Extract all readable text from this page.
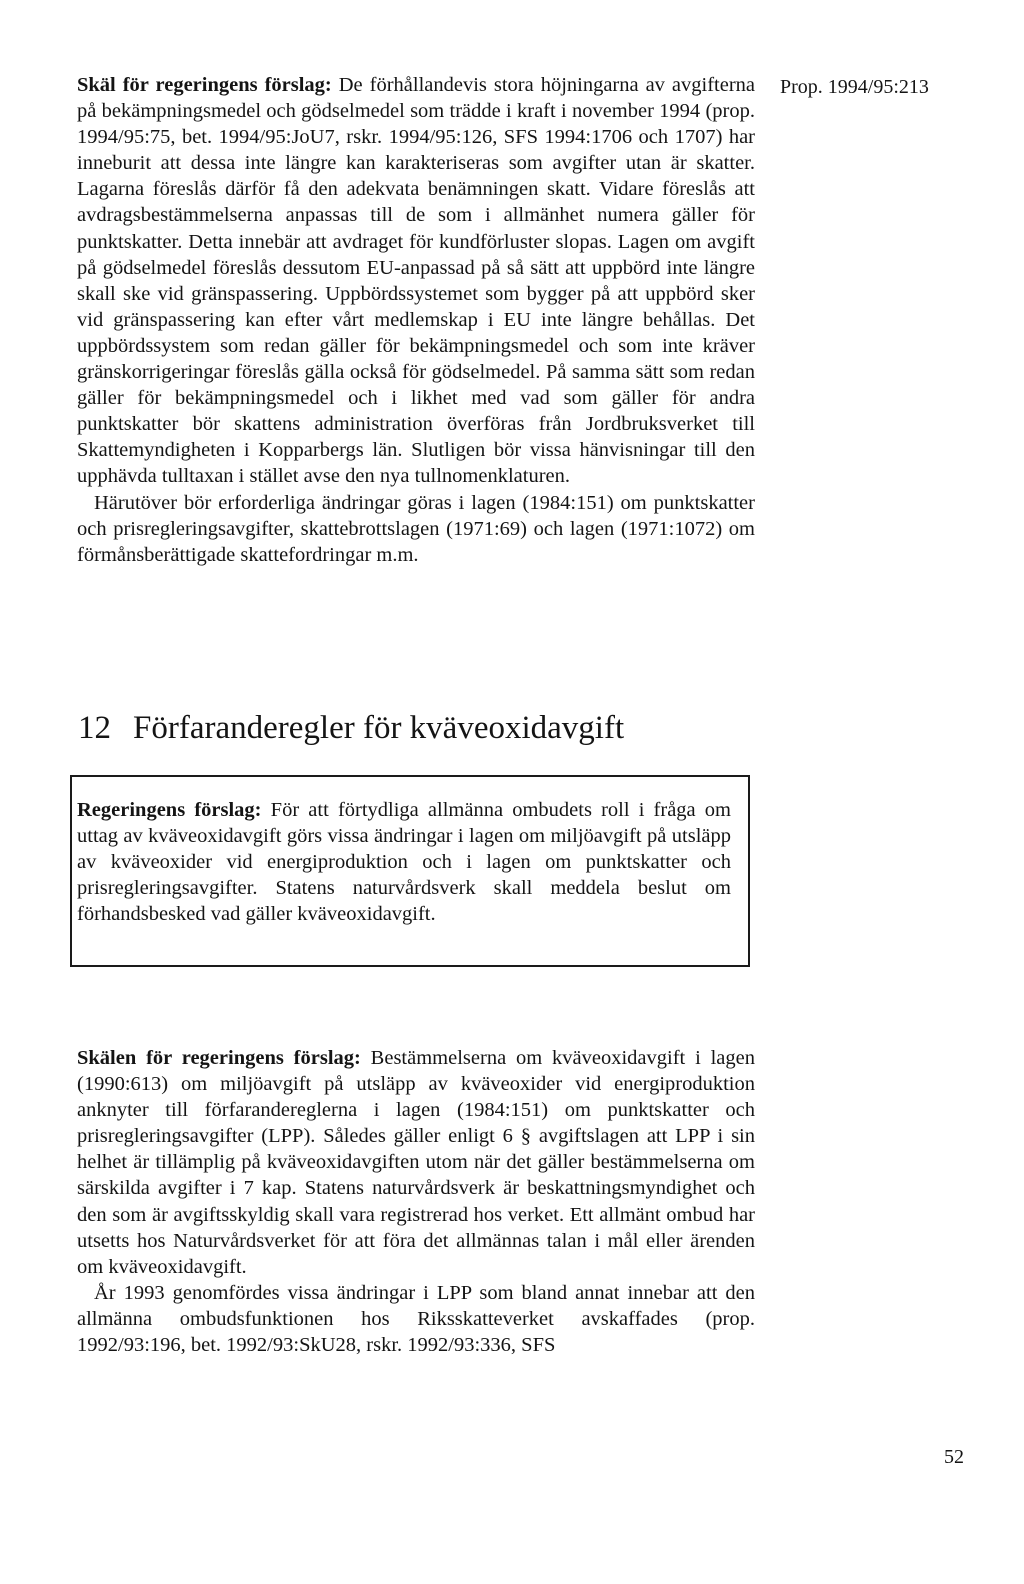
Prop. 1994/95:213

Skäl för regeringens förslag: De förhållandevis stora höjningarna av avgifterna på bekämpningsmedel och gödselmedel som trädde i kraft i november 1994 (prop. 1994/95:75, bet. 1994/95:JoU7, rskr. 1994/95:126, SFS 1994:1706 och 1707) har inneburit att dessa inte längre kan karakteriseras som avgifter utan är skatter. Lagarna föreslås därför få den adekvata benämningen skatt. Vidare föreslås att avdragsbestämmelserna anpassas till de som i allmänhet numera gäller för punktskatter. Detta innebär att avdraget för kundförluster slopas. Lagen om avgift på gödselmedel föreslås dessutom EU-anpassad på så sätt att uppbörd inte längre skall ske vid gränspassering. Uppbördssystemet som bygger på att uppbörd sker vid gränspassering kan efter vårt medlemskap i EU inte längre behållas. Det uppbördssystem som redan gäller för bekämpningsmedel och som inte kräver gränskorrigeringar föreslås gälla också för gödselmedel. På samma sätt som redan gäller för bekämpningsmedel och i likhet med vad som gäller för andra punktskatter bör skattens administration överföras från Jordbruksverket till Skattemyndigheten i Kopparbergs län. Slutligen bör vissa hänvisningar till den upphävda tulltaxan i stället avse den nya tullnomenklaturen.

Härutöver bör erforderliga ändringar göras i lagen (1984:151) om punktskatter och prisregleringsavgifter, skattebrottslagen (1971:69) och lagen (1971:1072) om förmånsberättigade skattefordringar m.m.

12 Förfaranderegler för kväveoxidavgift

Regeringens förslag: För att förtydliga allmänna ombudets roll i fråga om uttag av kväveoxidavgift görs vissa ändringar i lagen om miljöavgift på utsläpp av kväveoxider vid energiproduktion och i lagen om punktskatter och prisregleringsavgifter. Statens naturvårdsverk skall meddela beslut om förhandsbesked vad gäller kväveoxidavgift.

Skälen för regeringens förslag: Bestämmelserna om kväveoxidavgift i lagen (1990:613) om miljöavgift på utsläpp av kväveoxider vid energiproduktion anknyter till förfarandereglerna i lagen (1984:151) om punktskatter och prisregleringsavgifter (LPP). Således gäller enligt 6 § avgiftslagen att LPP i sin helhet är tillämplig på kväveoxidavgiften utom när det gäller bestämmelserna om särskilda avgifter i 7 kap. Statens naturvårdsverk är beskattningsmyndighet och den som är avgiftsskyldig skall vara registrerad hos verket. Ett allmänt ombud har utsetts hos Naturvårdsverket för att föra det allmännas talan i mål eller ärenden om kväveoxidavgift.

År 1993 genomfördes vissa ändringar i LPP som bland annat innebar att den allmänna ombudsfunktionen hos Riksskatteverket avskaffades (prop. 1992/93:196, bet. 1992/93:SkU28, rskr. 1992/93:336, SFS

52
